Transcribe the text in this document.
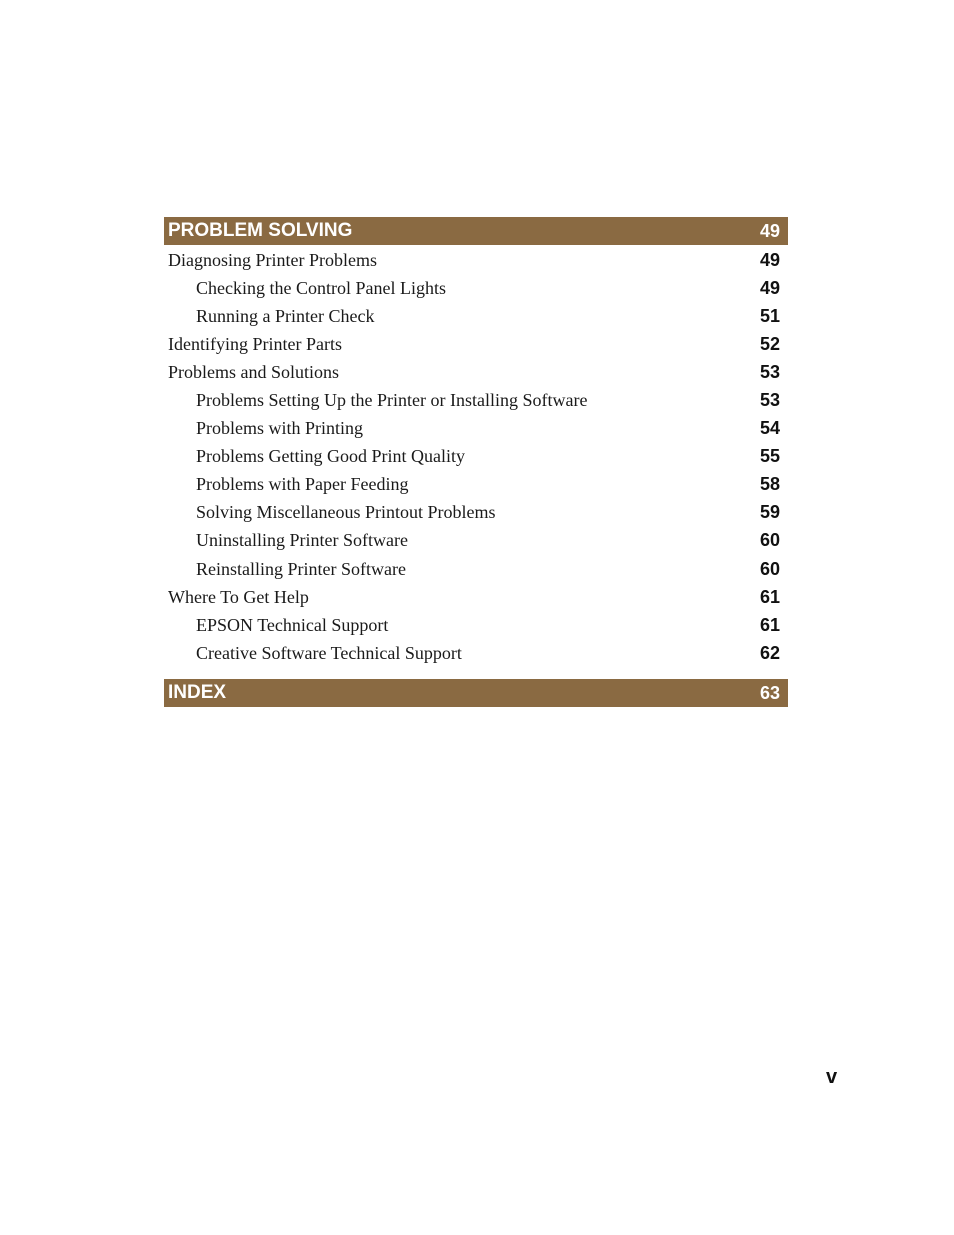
PROBLEM SOLVING	49
Diagnosing Printer Problems	49
Checking the Control Panel Lights	49
Running a Printer Check	51
Identifying Printer Parts	52
Problems and Solutions	53
Problems Setting Up the Printer or Installing Software	53
Problems with Printing	54
Problems Getting Good Print Quality	55
Problems with Paper Feeding	58
Solving Miscellaneous Printout Problems	59
Uninstalling Printer Software	60
Reinstalling Printer Software	60
Where To Get Help	61
EPSON Technical Support	61
Creative Software Technical Support	62
INDEX	63
v
